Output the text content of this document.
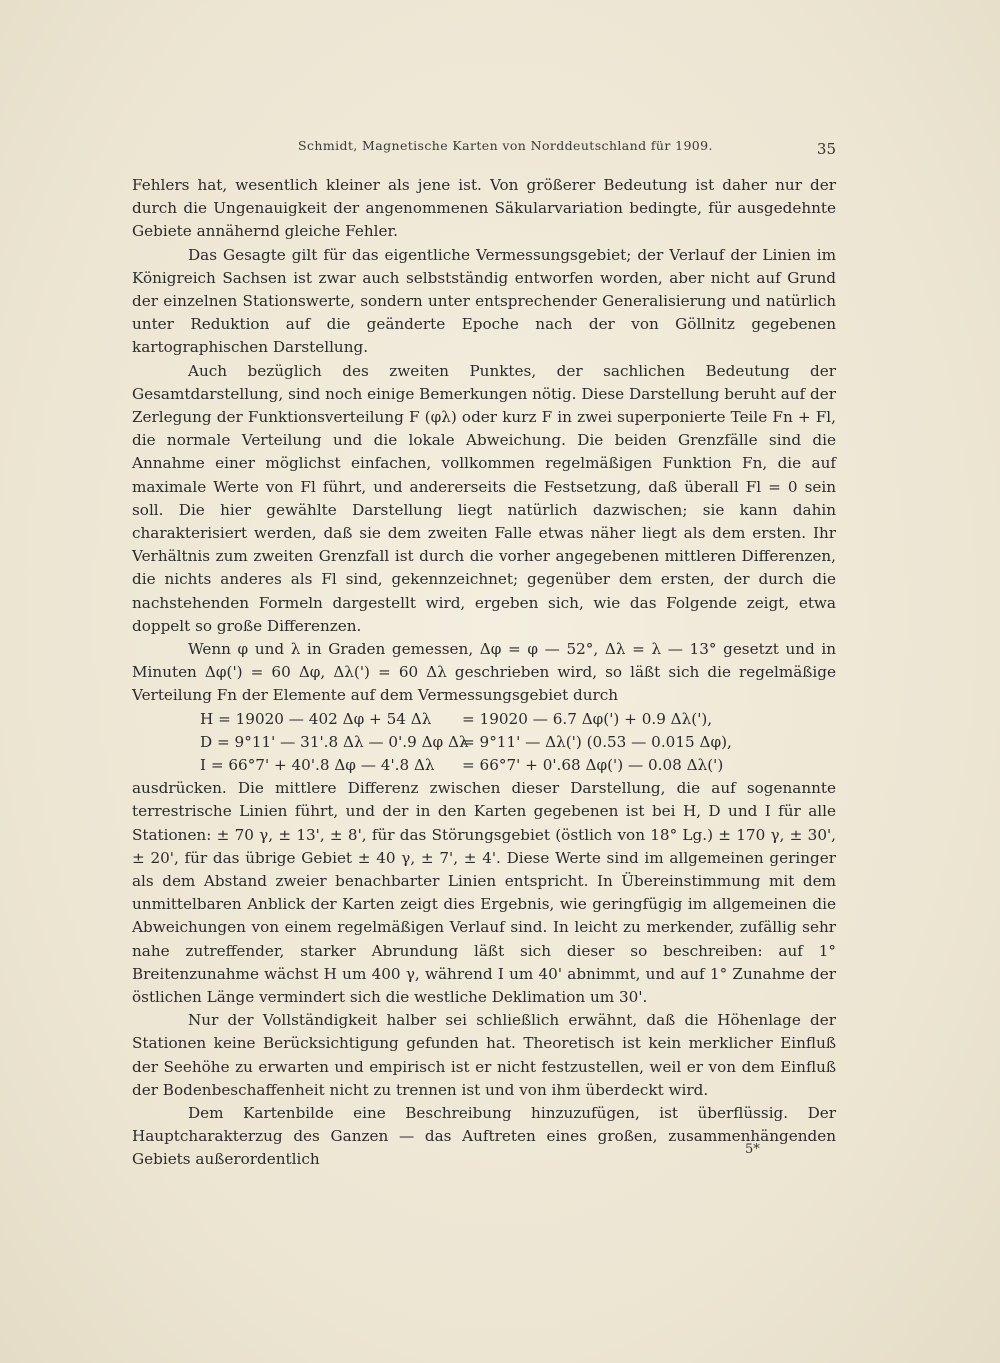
Schmidt, Magnetische Karten von Norddeutschland für 1909.	35

Fehlers hat, wesentlich kleiner als jene ist. Von größerer Bedeutung ist daher nur der durch die Ungenauigkeit der angenommenen Säkularvariation bedingte, für ausgedehnte Gebiete annähernd gleiche Fehler.

Das Gesagte gilt für das eigentliche Vermessungsgebiet; der Verlauf der Linien im Königreich Sachsen ist zwar auch selbstständig entworfen worden, aber nicht auf Grund der einzelnen Stationswerte, sondern unter entsprechender Generalisierung und natürlich unter Reduktion auf die geänderte Epoche nach der von Göllnitz gegebenen kartographischen Darstellung.

Auch bezüglich des zweiten Punktes, der sachlichen Bedeutung der Gesamtdarstellung, sind noch einige Bemerkungen nötig. Diese Darstellung beruht auf der Zerlegung der Funktionsverteilung F (φλ) oder kurz F in zwei superponierte Teile Fn + Fl, die normale Verteilung und die lokale Abweichung. Die beiden Grenzfälle sind die Annahme einer möglichst einfachen, vollkommen regelmäßigen Funktion Fn, die auf maximale Werte von Fl führt, und andererseits die Festsetzung, daß überall Fl = 0 sein soll. Die hier gewählte Darstellung liegt natürlich dazwischen; sie kann dahin charakterisiert werden, daß sie dem zweiten Falle etwas näher liegt als dem ersten. Ihr Verhältnis zum zweiten Grenzfall ist durch die vorher angegebenen mittleren Differenzen, die nichts anderes als Fl sind, gekennzeichnet; gegenüber dem ersten, der durch die nachstehenden Formeln dargestellt wird, ergeben sich, wie das Folgende zeigt, etwa doppelt so große Differenzen.

Wenn φ und λ in Graden gemessen, Δφ = φ — 52°, Δλ = λ — 13° gesetzt und in Minuten Δφ(') = 60 Δφ, Δλ(') = 60 Δλ geschrieben wird, so läßt sich die regelmäßige Verteilung Fn der Elemente auf dem Vermessungsgebiet durch

H = 19020 — 402 Δφ + 54 Δλ	= 19020 — 6.7 Δφ(') + 0.9 Δλ('),
D = 9°11' — 31'.8 Δλ — 0'.9 Δφ Δλ
= 9°11' — Δλ(') (0.53 — 0.015 Δφ),
I = 66°7' + 40'.8 Δφ — 4'.8 Δλ	= 66°7' + 0'.68 Δφ(') — 0.08 Δλ(')

ausdrücken. Die mittlere Differenz zwischen dieser Darstellung, die auf sogenannte terrestrische Linien führt, und der in den Karten gegebenen ist bei H, D und I für alle Stationen: ± 70 γ, ± 13', ± 8', für das Störungsgebiet (östlich von 18° Lg.) ± 170 γ, ± 30', ± 20', für das übrige Gebiet ± 40 γ, ± 7', ± 4'. Diese Werte sind im allgemeinen geringer als dem Abstand zweier benachbarter Linien entspricht. In Übereinstimmung mit dem unmittelbaren Anblick der Karten zeigt dies Ergebnis, wie geringfügig im allgemeinen die Abweichungen von einem regelmäßigen Verlauf sind. In leicht zu merkender, zufällig sehr nahe zutreffender, starker Abrundung läßt sich dieser so beschreiben: auf 1° Breitenzunahme wächst H um 400 γ, während I um 40' abnimmt, und auf 1° Zunahme der östlichen Länge vermindert sich die westliche Deklimation um 30'.

Nur der Vollständigkeit halber sei schließlich erwähnt, daß die Höhenlage der Stationen keine Berücksichtigung gefunden hat. Theoretisch ist kein merklicher Einfluß der Seehöhe zu erwarten und empirisch ist er nicht festzustellen, weil er von dem Einfluß der Bodenbeschaffenheit nicht zu trennen ist und von ihm überdeckt wird.

Dem Kartenbilde eine Beschreibung hinzuzufügen, ist überflüssig. Der Hauptcharakterzug des Ganzen — das Auftreten eines großen, zusammenhängenden Gebiets außerordentlich

5*
